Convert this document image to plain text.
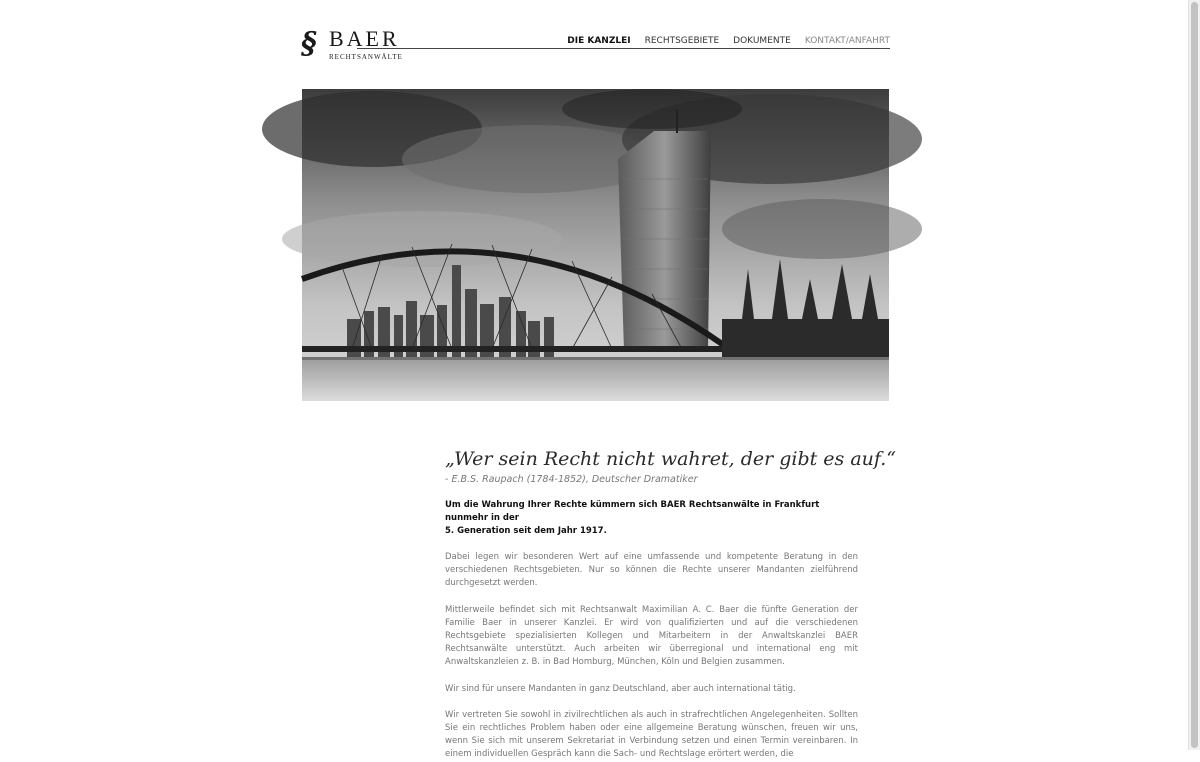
§ BAER
RECHTSANWÄLTE
DIE KANZLEI RECHTSGEBIETE DOKUMENTE KONTAKT/ANFAHRT
„Wer sein Recht nicht wahret, der gibt es auf.“
- E.B.S. Raupach (1784-1852), Deutscher Dramatiker
Um die Wahrung Ihrer Rechte kümmern sich BAER Rechtsanwälte in Frankfurt nunmehr in der
5. Generation seit dem Jahr 1917.

Dabei legen wir besonderen Wert auf eine umfassende und kompetente Beratung in den verschiedenen Rechtsgebieten. Nur so können die Rechte unserer Mandanten zielführend durchgesetzt werden.

Mittlerweile befindet sich mit Rechtsanwalt Maximilian A. C. Baer die fünfte Generation der Familie Baer in unserer Kanzlei. Er wird von qualifizierten und auf die verschiedenen Rechtsgebiete spezialisierten Kollegen und Mitarbeitern in der Anwaltskanzlei BAER Rechtsanwälte unterstützt. Auch arbeiten wir überregional und international eng mit Anwaltskanzleien z. B. in Bad Homburg, München, Köln und Belgien zusammen.

Wir sind für unsere Mandanten in ganz Deutschland, aber auch international tätig.

Wir vertreten Sie sowohl in zivilrechtlichen als auch in strafrechtlichen Angelegenheiten. Sollten Sie ein rechtliches Problem haben oder eine allgemeine Beratung wünschen, freuen wir uns, wenn Sie sich mit unserem Sekretariat in Verbindung setzen und einen Termin vereinbaren. In einem individuellen Gespräch kann die Sach- und Rechtslage erörtert werden, die
